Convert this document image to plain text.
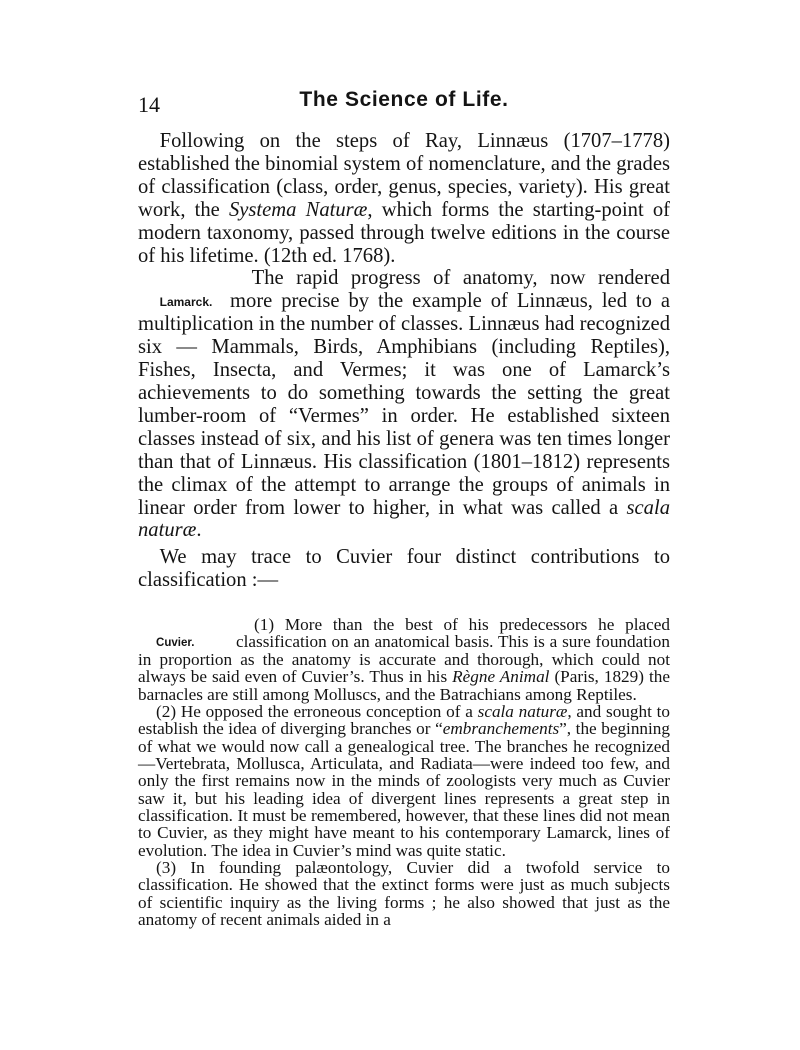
14	The Science of Life.

Following on the steps of Ray, Linnæus (1707–1778) established the binomial system of nomenclature, and the grades of classification (class, order, genus, species, variety). His great work, the Systema Naturæ, which forms the starting-point of modern taxonomy, passed through twelve editions in the course of his lifetime. (12th ed. 1768).

Lamarck.
The rapid progress of anatomy, now rendered more precise by the example of Linnæus, led to a multiplication in the number of classes. Linnæus had recognized six — Mammals, Birds, Amphibians (including Reptiles), Fishes, Insecta, and Vermes; it was one of Lamarck’s achievements to do something towards the setting the great lumber-room of “Vermes” in order. He established sixteen classes instead of six, and his list of genera was ten times longer than that of Linnæus. His classification (1801–1812) represents the climax of the attempt to arrange the groups of animals in linear order from lower to higher, in what was called a scala naturæ.

We may trace to Cuvier four distinct contributions to classification :—

Cuvier.
(1) More than the best of his predecessors he placed classification on an anatomical basis. This is a sure foundation in proportion as the anatomy is accurate and thorough, which could not always be said even of Cuvier’s. Thus in his Règne Animal (Paris, 1829) the barnacles are still among Molluscs, and the Batrachians among Reptiles.

(2) He opposed the erroneous conception of a scala naturæ, and sought to establish the idea of diverging branches or “embranchements”, the beginning of what we would now call a genealogical tree. The branches he recognized—Vertebrata, Mollusca, Articulata, and Radiata—were indeed too few, and only the first remains now in the minds of zoologists very much as Cuvier saw it, but his leading idea of divergent lines represents a great step in classification. It must be remembered, however, that these lines did not mean to Cuvier, as they might have meant to his contemporary Lamarck, lines of evolution. The idea in Cuvier’s mind was quite static.

(3) In founding palæontology, Cuvier did a twofold service to classification. He showed that the extinct forms were just as much subjects of scientific inquiry as the living forms ; he also showed that just as the anatomy of recent animals aided in a
